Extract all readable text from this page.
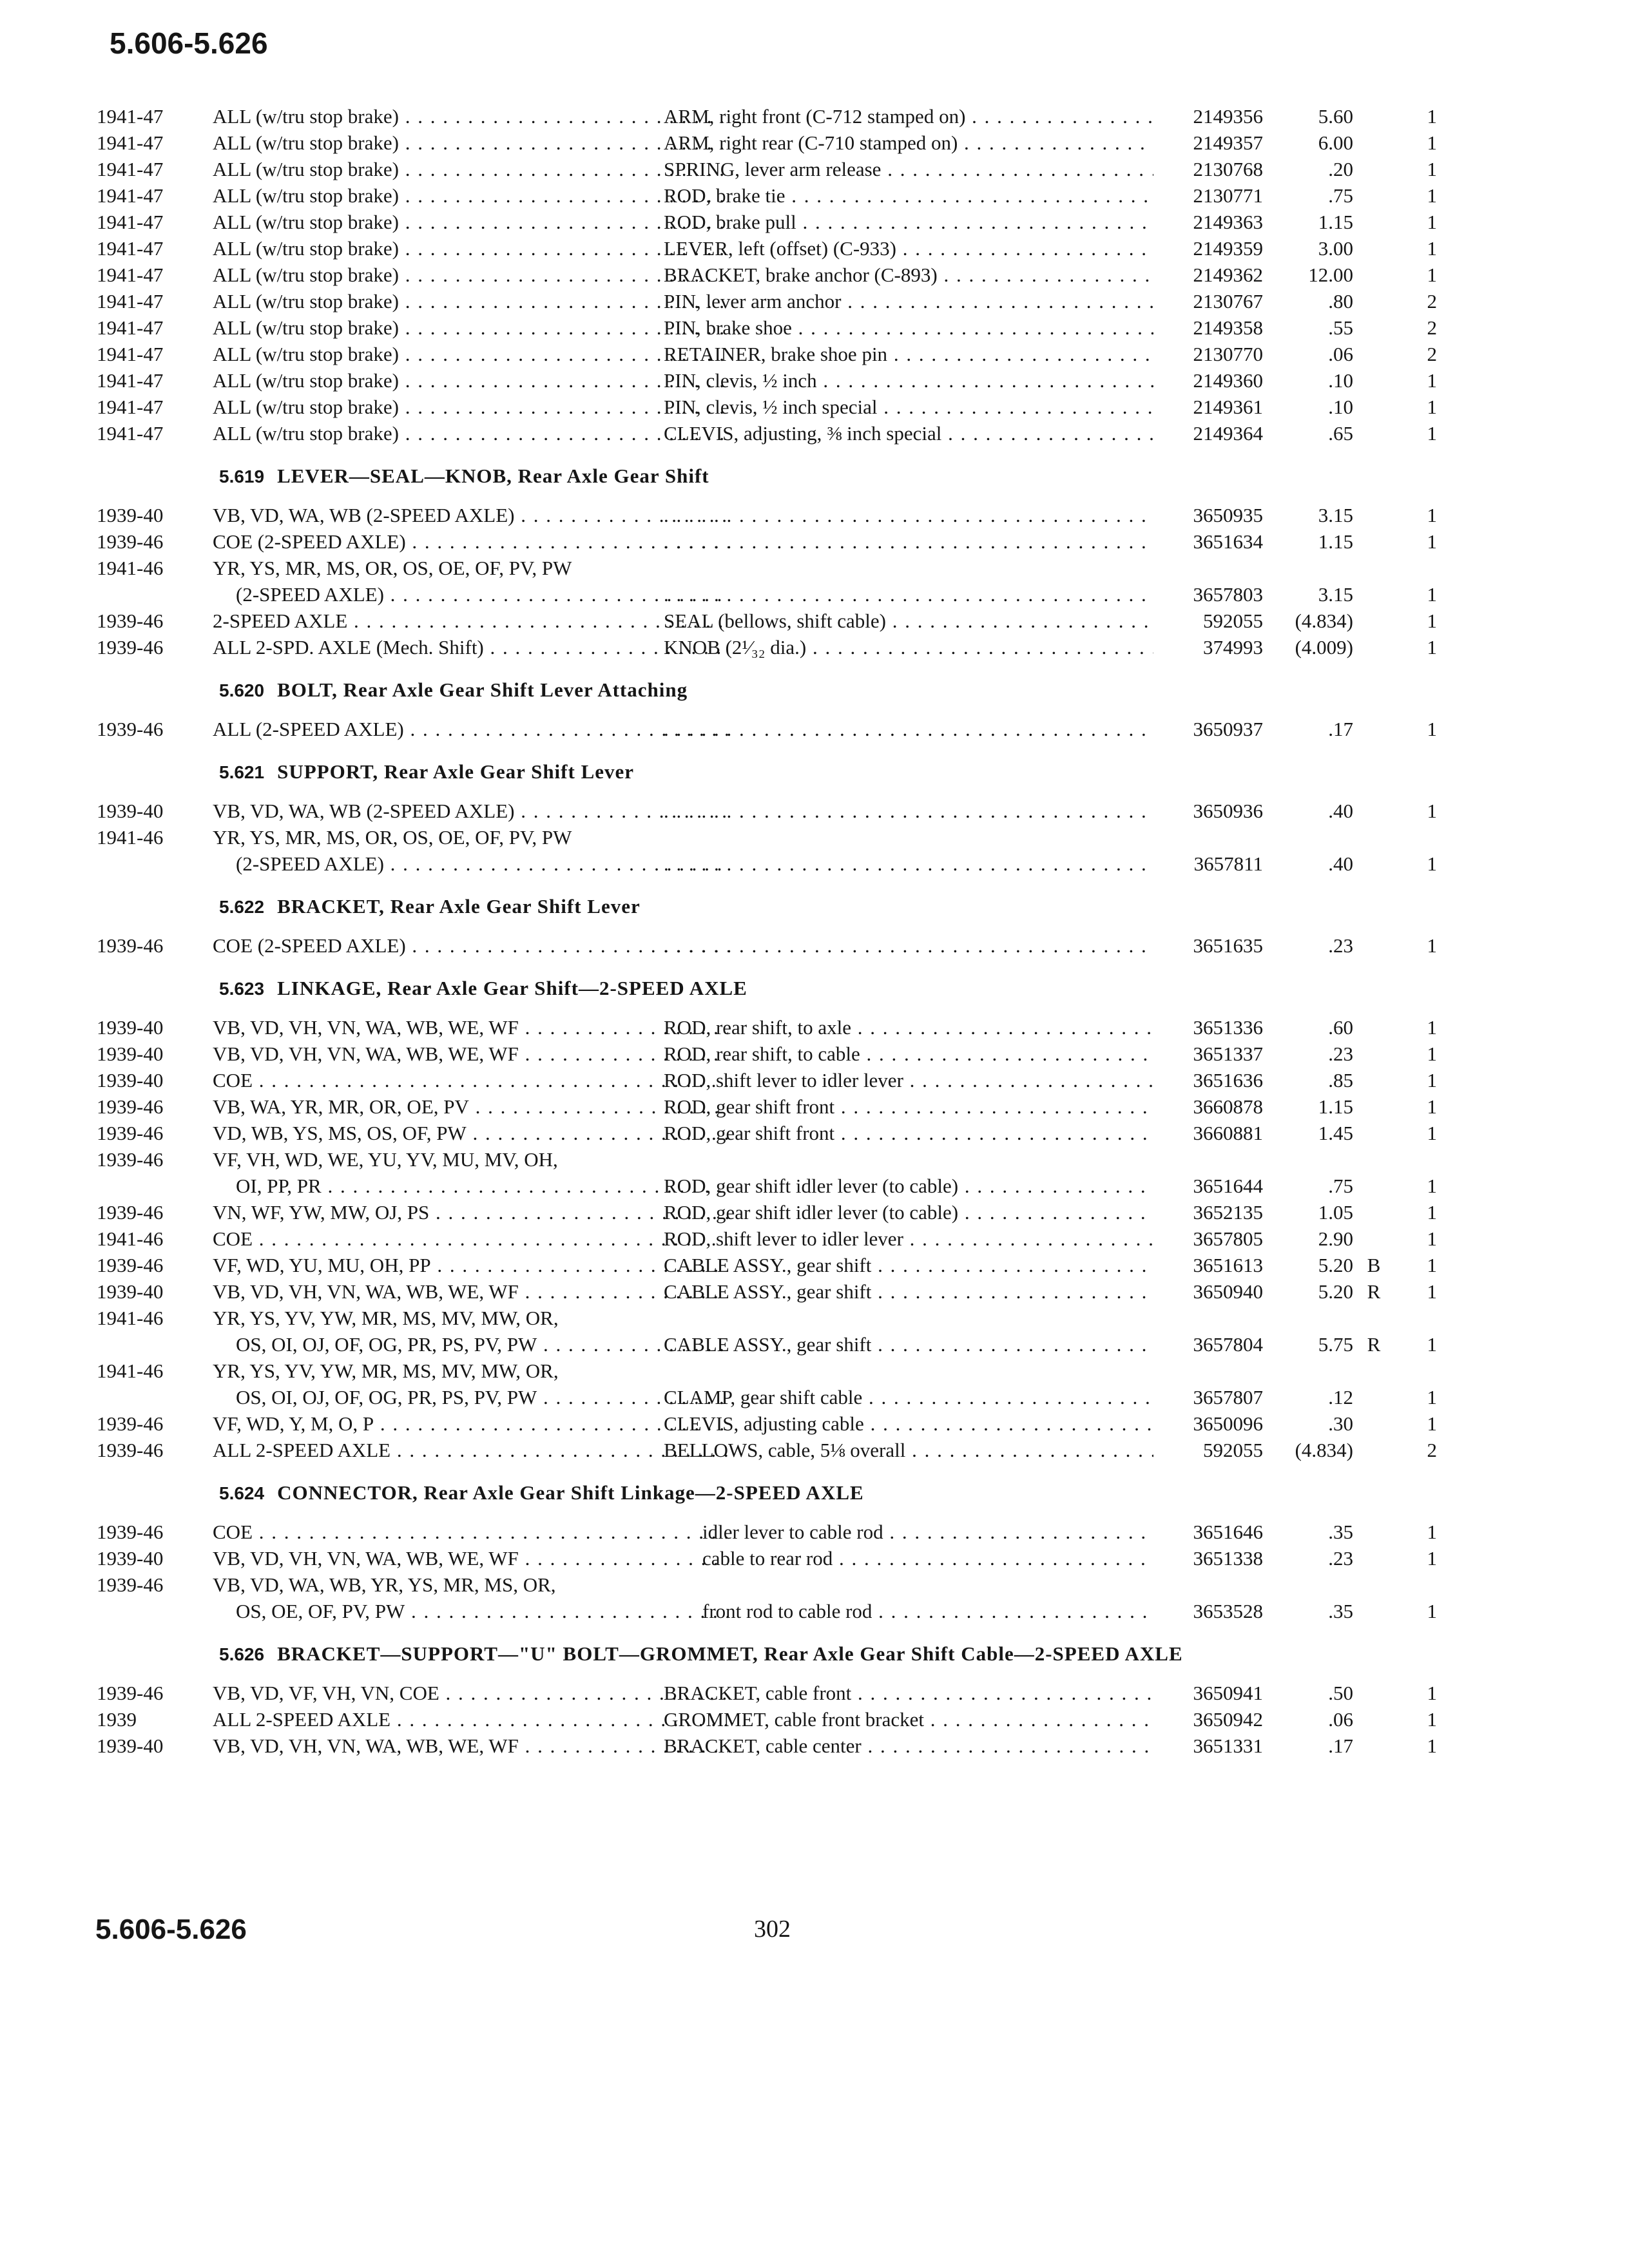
5.606-5.626
1941-47	ALL (w/tru stop brake) . . .	ARM, right front (C-712 stamped on) . . .	2149356	5.60	1
1941-47	ALL (w/tru stop brake) . . .	ARM, right rear (C-710 stamped on) . . .	2149357	6.00	1
1941-47	ALL (w/tru stop brake) . . .	SPRING, lever arm release . . .	2130768	.20	1
1941-47	ALL (w/tru stop brake) . . .	ROD, brake tie . . .	2130771	.75	1
1941-47	ALL (w/tru stop brake) . . .	ROD, brake pull . . .	2149363	1.15	1
1941-47	ALL (w/tru stop brake) . . .	LEVER, left (offset) (C-933) . . .	2149359	3.00	1
1941-47	ALL (w/tru stop brake) . . .	BRACKET, brake anchor (C-893) . . .	2149362	12.00	1
1941-47	ALL (w/tru stop brake) . . .	PIN, lever arm anchor . . .	2130767	.80	2
1941-47	ALL (w/tru stop brake) . . .	PIN, brake shoe . . .	2149358	.55	2
1941-47	ALL (w/tru stop brake) . . .	RETAINER, brake shoe pin . . .	2130770	.06	2
1941-47	ALL (w/tru stop brake) . . .	PIN, clevis, ½ inch . . .	2149360	.10	1
1941-47	ALL (w/tru stop brake) . . .	PIN, clevis, ½ inch special . . .	2149361	.10	1
1941-47	ALL (w/tru stop brake) . . .	CLEVIS, adjusting, ⅜ inch special . . .	2149364	.65	1
5.619 LEVER—SEAL—KNOB, Rear Axle Gear Shift
1939-40	VB, VD, WA, WB (2-SPEED AXLE) . . . . . .	3650935	3.15	1
1939-46	COE (2-SPEED AXLE) . . . . . .	3651634	1.15	1
1941-46	YR, YS, MR, MS, OR, OS, OE, OF, PV, PW
(2-SPEED AXLE) . . . . . .	3657803	3.15	1
1939-46	2-SPEED AXLE . . .	SEAL (bellows, shift cable) . . .	592055	(4.834)	1
1939-46	ALL 2-SPD. AXLE (Mech. Shift) . . .	KNOB (2¹⁄₃₂ dia.) . . .	374993	(4.009)	1
5.620 BOLT, Rear Axle Gear Shift Lever Attaching
1939-46	ALL (2-SPEED AXLE) . . . . . .	3650937	.17	1
5.621 SUPPORT, Rear Axle Gear Shift Lever
1939-40	VB, VD, WA, WB (2-SPEED AXLE) . . . . . .	3650936	.40	1
1941-46	YR, YS, MR, MS, OR, OS, OE, OF, PV, PW
(2-SPEED AXLE) . . . . . .	3657811	.40	1
5.622 BRACKET, Rear Axle Gear Shift Lever
1939-46	COE (2-SPEED AXLE) . . . . . .	3651635	.23	1
5.623 LINKAGE, Rear Axle Gear Shift—2-SPEED AXLE
1939-40	VB, VD, VH, VN, WA, WB, WE, WF . . .	ROD, rear shift, to axle . . .	3651336	.60	1
1939-40	VB, VD, VH, VN, WA, WB, WE, WF . . .	ROD, rear shift, to cable . . .	3651337	.23	1
1939-40	COE . . .	ROD, shift lever to idler lever . . .	3651636	.85	1
1939-46	VB, WA, YR, MR, OR, OE, PV . . .	ROD, gear shift front . . .	3660878	1.15	1
1939-46	VD, WB, YS, MS, OS, OF, PW . . .	ROD, gear shift front . . .	3660881	1.45	1
1939-46	VF, VH, WD, WE, YU, YV, MU, MV, OH,
OI, PP, PR . . .	ROD, gear shift idler lever (to cable) . . .	3651644	.75	1
1939-46	VN, WF, YW, MW, OJ, PS . . .	ROD, gear shift idler lever (to cable) . . .	3652135	1.05	1
1941-46	COE . . .	ROD, shift lever to idler lever . . .	3657805	2.90	1
1939-46	VF, WD, YU, MU, OH, PP . . .	CABLE ASSY., gear shift . . .	3651613	5.20 B	1
1939-40	VB, VD, VH, VN, WA, WB, WE, WF . . .	CABLE ASSY., gear shift . . .	3650940	5.20 R	1
1941-46	YR, YS, YV, YW, MR, MS, MV, MW, OR,
OS, OI, OJ, OF, OG, PR, PS, PV, PW . . .	CABLE ASSY., gear shift . . .	3657804	5.75 R	1
1941-46	YR, YS, YV, YW, MR, MS, MV, MW, OR,
OS, OI, OJ, OF, OG, PR, PS, PV, PW . . .	CLAMP, gear shift cable . . .	3657807	.12	1
1939-46	VF, WD, Y, M, O, P . . .	CLEVIS, adjusting cable . . .	3650096	.30	1
1939-46	ALL 2-SPEED AXLE . . .	BELLOWS, cable, 5⅛ overall . . .	592055	(4.834)	2
5.624 CONNECTOR, Rear Axle Gear Shift Linkage—2-SPEED AXLE
1939-46	COE . . .	idler lever to cable rod . . .	3651646	.35	1
1939-40	VB, VD, VH, VN, WA, WB, WE, WF . . .	cable to rear rod . . .	3651338	.23	1
1939-46	VB, VD, WA, WB, YR, YS, MR, MS, OR,
OS, OE, OF, PV, PW . . .	front rod to cable rod . . .	3653528	.35	1
5.626 BRACKET—SUPPORT—"U" BOLT—GROMMET, Rear Axle Gear Shift Cable—2-SPEED AXLE
1939-46	VB, VD, VF, VH, VN, COE . . .	BRACKET, cable front . . .	3650941	.50	1
1939	ALL 2-SPEED AXLE . . .	GROMMET, cable front bracket . . .	3650942	.06	1
1939-40	VB, VD, VH, VN, WA, WB, WE, WF . . .	BRACKET, cable center . . .	3651331	.17	1
5.606-5.626	302
